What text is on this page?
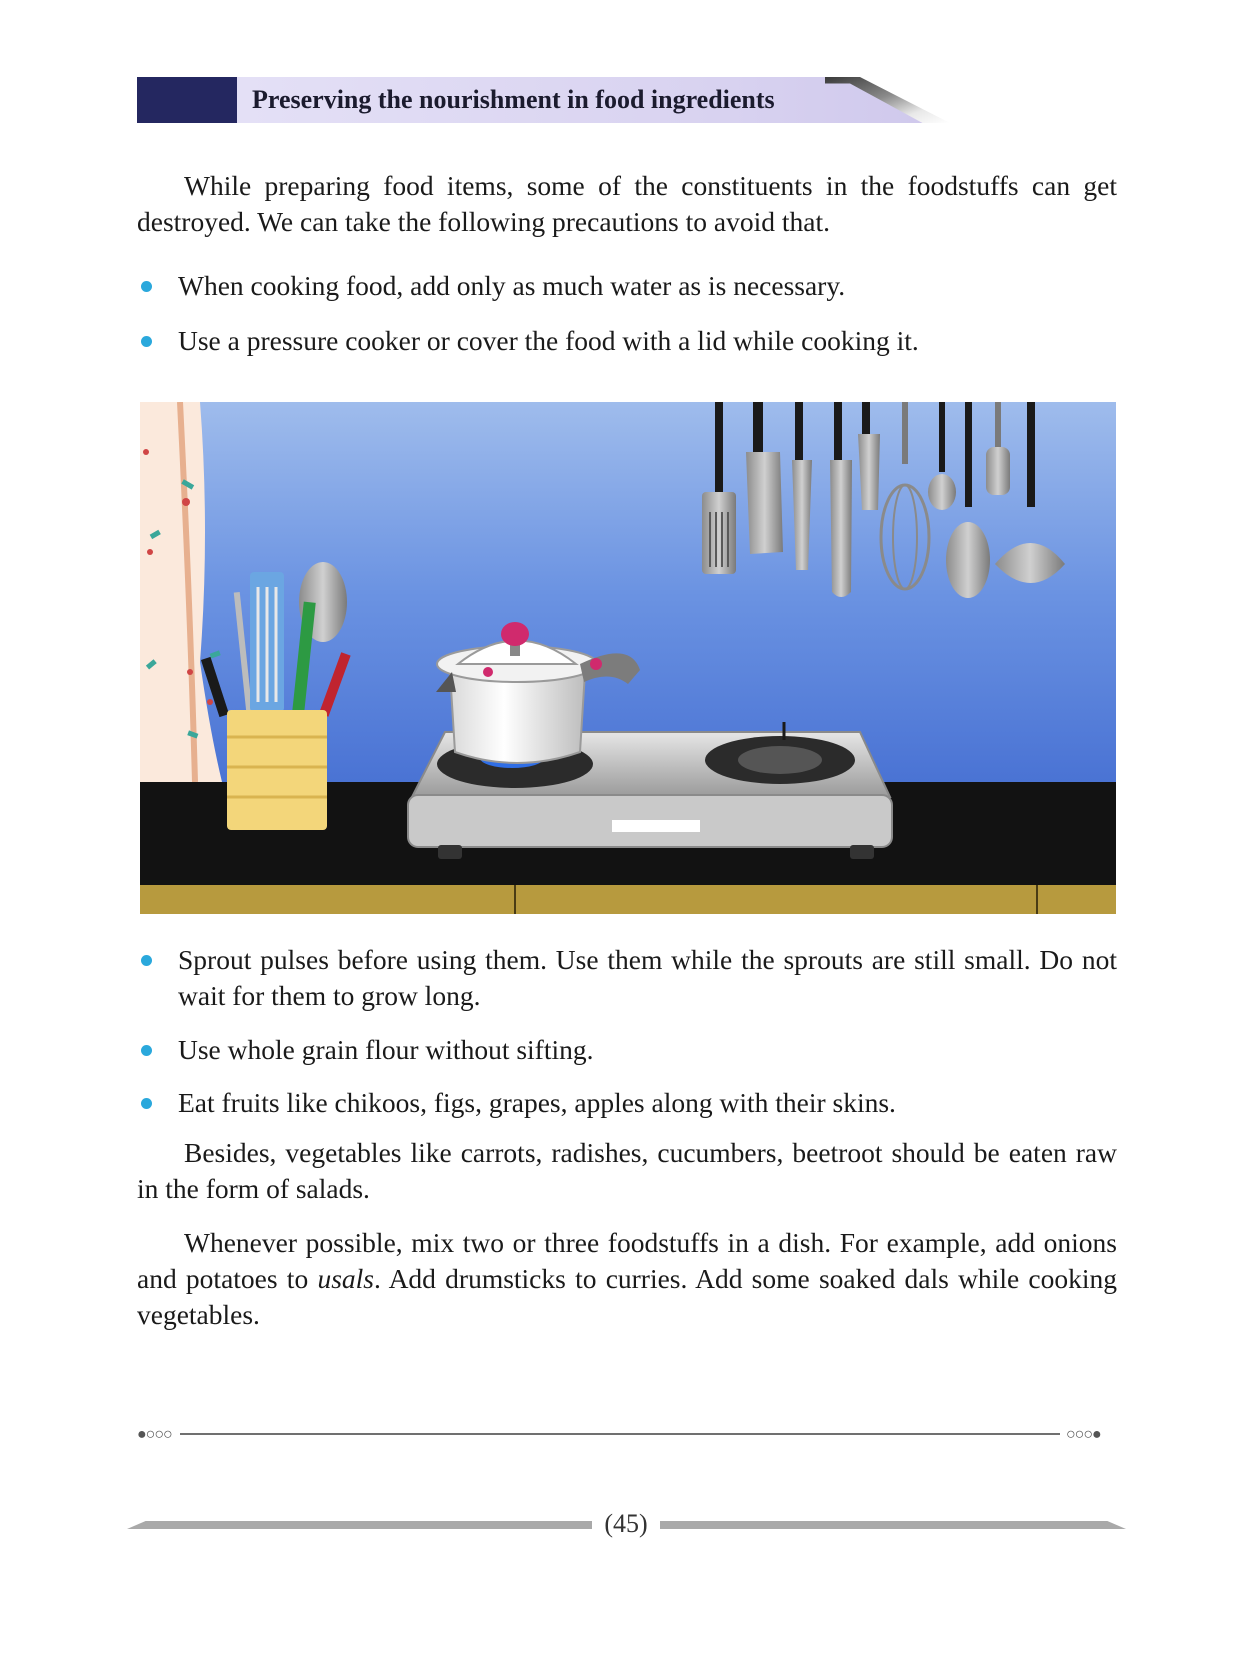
Preserving the nourishment in food ingredients

While preparing food items, some of the constituents in the foodstuffs can get destroyed. We can take the following precautions to avoid that.

When cooking food, add only as much water as is necessary.
Use a pressure cooker or cover the food with a lid while cooking it.
Sprout pulses before using them. Use them while the sprouts are still small. Do not wait for them to grow long.
Use whole grain flour without sifting.
Eat fruits like chikoos, figs, grapes, apples along with their skins.

Besides, vegetables like carrots, radishes, cucumbers, beetroot should be eaten raw in the form of salads.

Whenever possible, mix two or three foodstuffs in a dish. For example, add onions and potatoes to usals. Add drumsticks to curries. Add some soaked dals while cooking vegetables.

●○○○	○○○●
(45)
